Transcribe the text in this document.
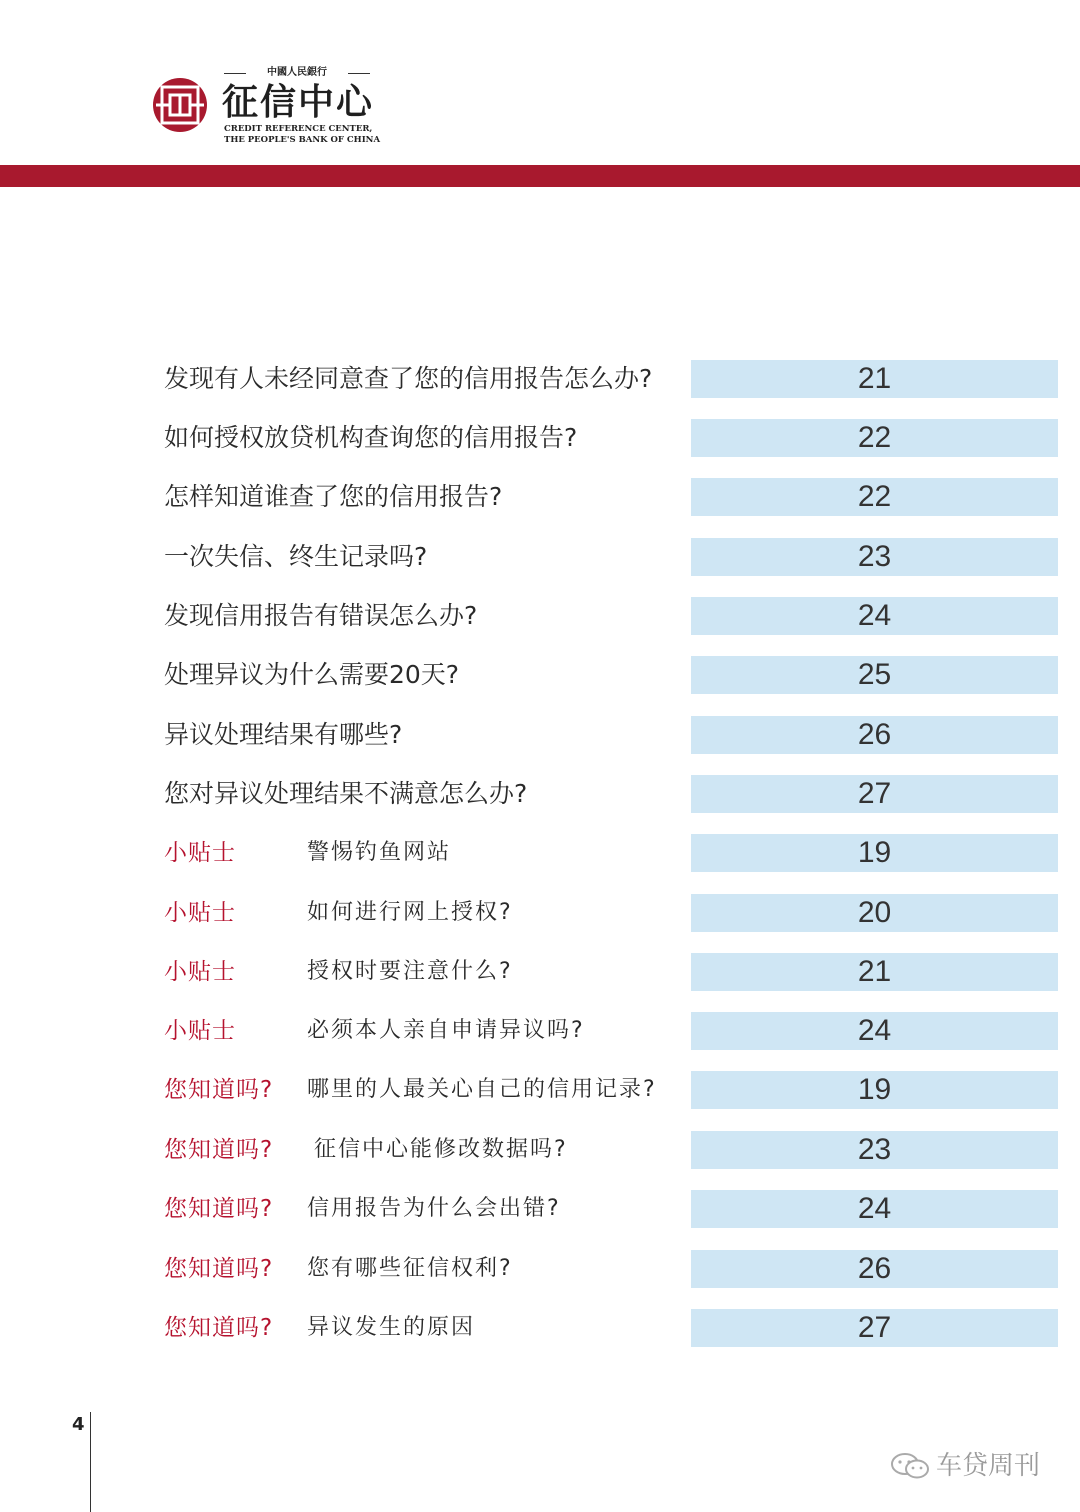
中國人民銀行
征信中心
CREDIT REFERENCE CENTER,
THE PEOPLE'S BANK OF CHINA
发现有人未经同意查了您的信用报告怎么办?	21
如何授权放贷机构查询您的信用报告?	22
怎样知道谁查了您的信用报告?	22
一次失信、终生记录吗?	23
发现信用报告有错误怎么办?	24
处理异议为什么需要20天?	25
异议处理结果有哪些?	26
您对异议处理结果不满意怎么办?	27
小贴士	警惕钓鱼网站	19
小贴士	如何进行网上授权?	20
小贴士	授权时要注意什么?	21
小贴士	必须本人亲自申请异议吗?	24
您知道吗? 哪里的人最关心自己的信用记录?	19
您知道吗? 征信中心能修改数据吗?	23
您知道吗? 信用报告为什么会出错?	24
您知道吗? 您有哪些征信权利?	26
您知道吗? 异议发生的原因	27
4
车贷周刊
